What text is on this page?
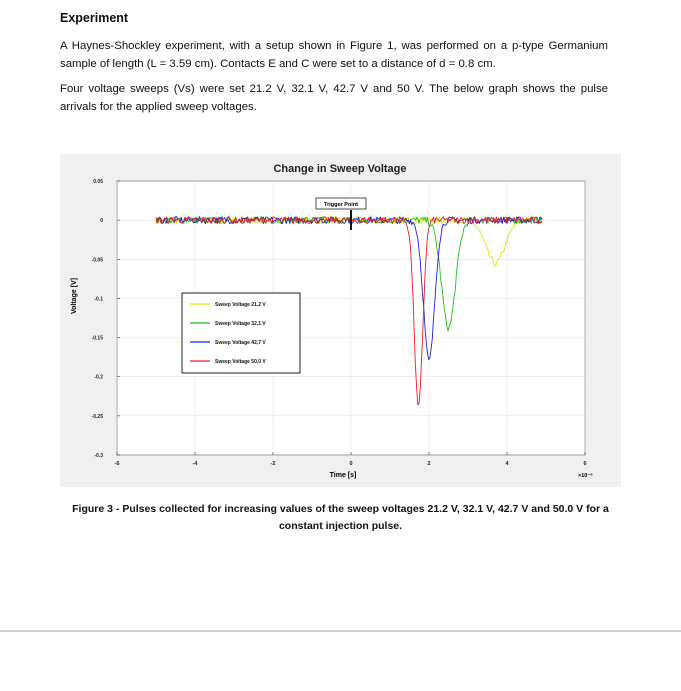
Experiment
A Haynes-Shockley experiment, with a setup shown in Figure 1, was performed on a p-type Germanium sample of length (L = 3.59 cm). Contacts E and C were set to a distance of d = 0.8 cm.
Four voltage sweeps (Vs) were set 21.2 V, 32.1 V, 42.7 V and 50 V. The below graph shows the pulse arrivals for the applied sweep voltages.
Change in Sweep Voltage
-6	-4	-2	0	2	4	6
0.05
0
-0.05
-0.1
-0.15
-0.2
-0.25
-0.3
Trigger Point
Sweep Voltage 21,2 V
Sweep Voltage 32,1 V
Sweep Voltage 42,7 V
Sweep Voltage 50,0 V
Voltage [V]
Time [s]	×10⁻⁶
Figure 3 - Pulses collected for increasing values of the sweep voltages 21.2 V, 32.1 V, 42.7 V and 50.0 V for a constant injection pulse.
